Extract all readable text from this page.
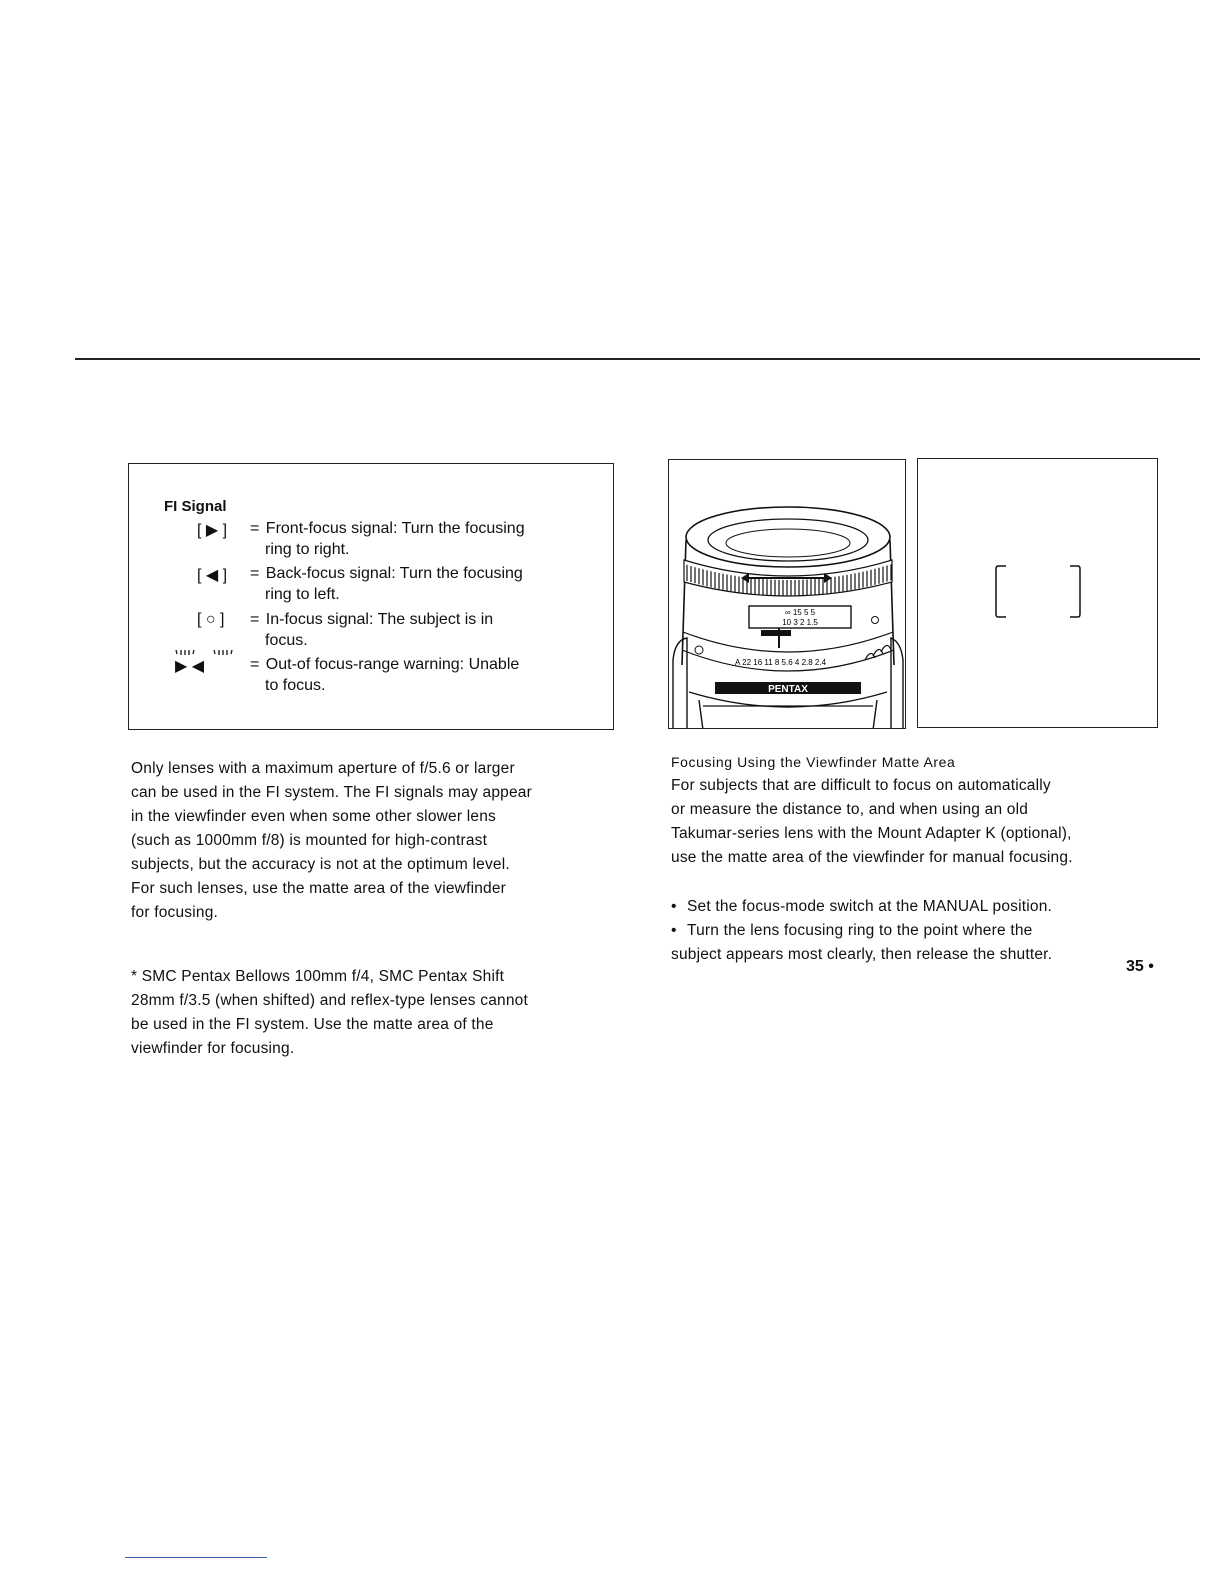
FI Signal
[ ▶ ]	= Front-focus signal: Turn the focusing
ring to right.
[ ◀ ]	= Back-focus signal: Turn the focusing
ring to left.
[ ○ ]	= In-focus signal: The subject is in
focus.
▶ ◀	= Out-of focus-range warning: Unable
to focus.
Only lenses with a maximum aperture of f/5.6 or larger
can be used in the FI system. The FI signals may appear
in the viewfinder even when some other slower lens
(such as 1000mm f/8) is mounted for high-contrast
subjects, but the accuracy is not at the optimum level.
For such lenses, use the matte area of the viewfinder
for focusing.
* SMC Pentax Bellows 100mm f/4, SMC Pentax Shift
28mm f/3.5 (when shifted) and reflex-type lenses cannot
be used in the FI system. Use the matte area of the
viewfinder for focusing.
∞ 15 5 5
10 3 2 1.5
A 22 16 11 8 5.6 4 2.8 2.4
PENTAX
Focusing Using the Viewfinder Matte Area
For subjects that are difficult to focus on automatically
or measure the distance to, and when using an old
Takumar-series lens with the Mount Adapter K (optional),
use the matte area of the viewfinder for manual focusing.
• Set the focus-mode switch at the MANUAL position.
• Turn the lens focusing ring to the point where the
subject appears most clearly, then release the shutter.
35 •
